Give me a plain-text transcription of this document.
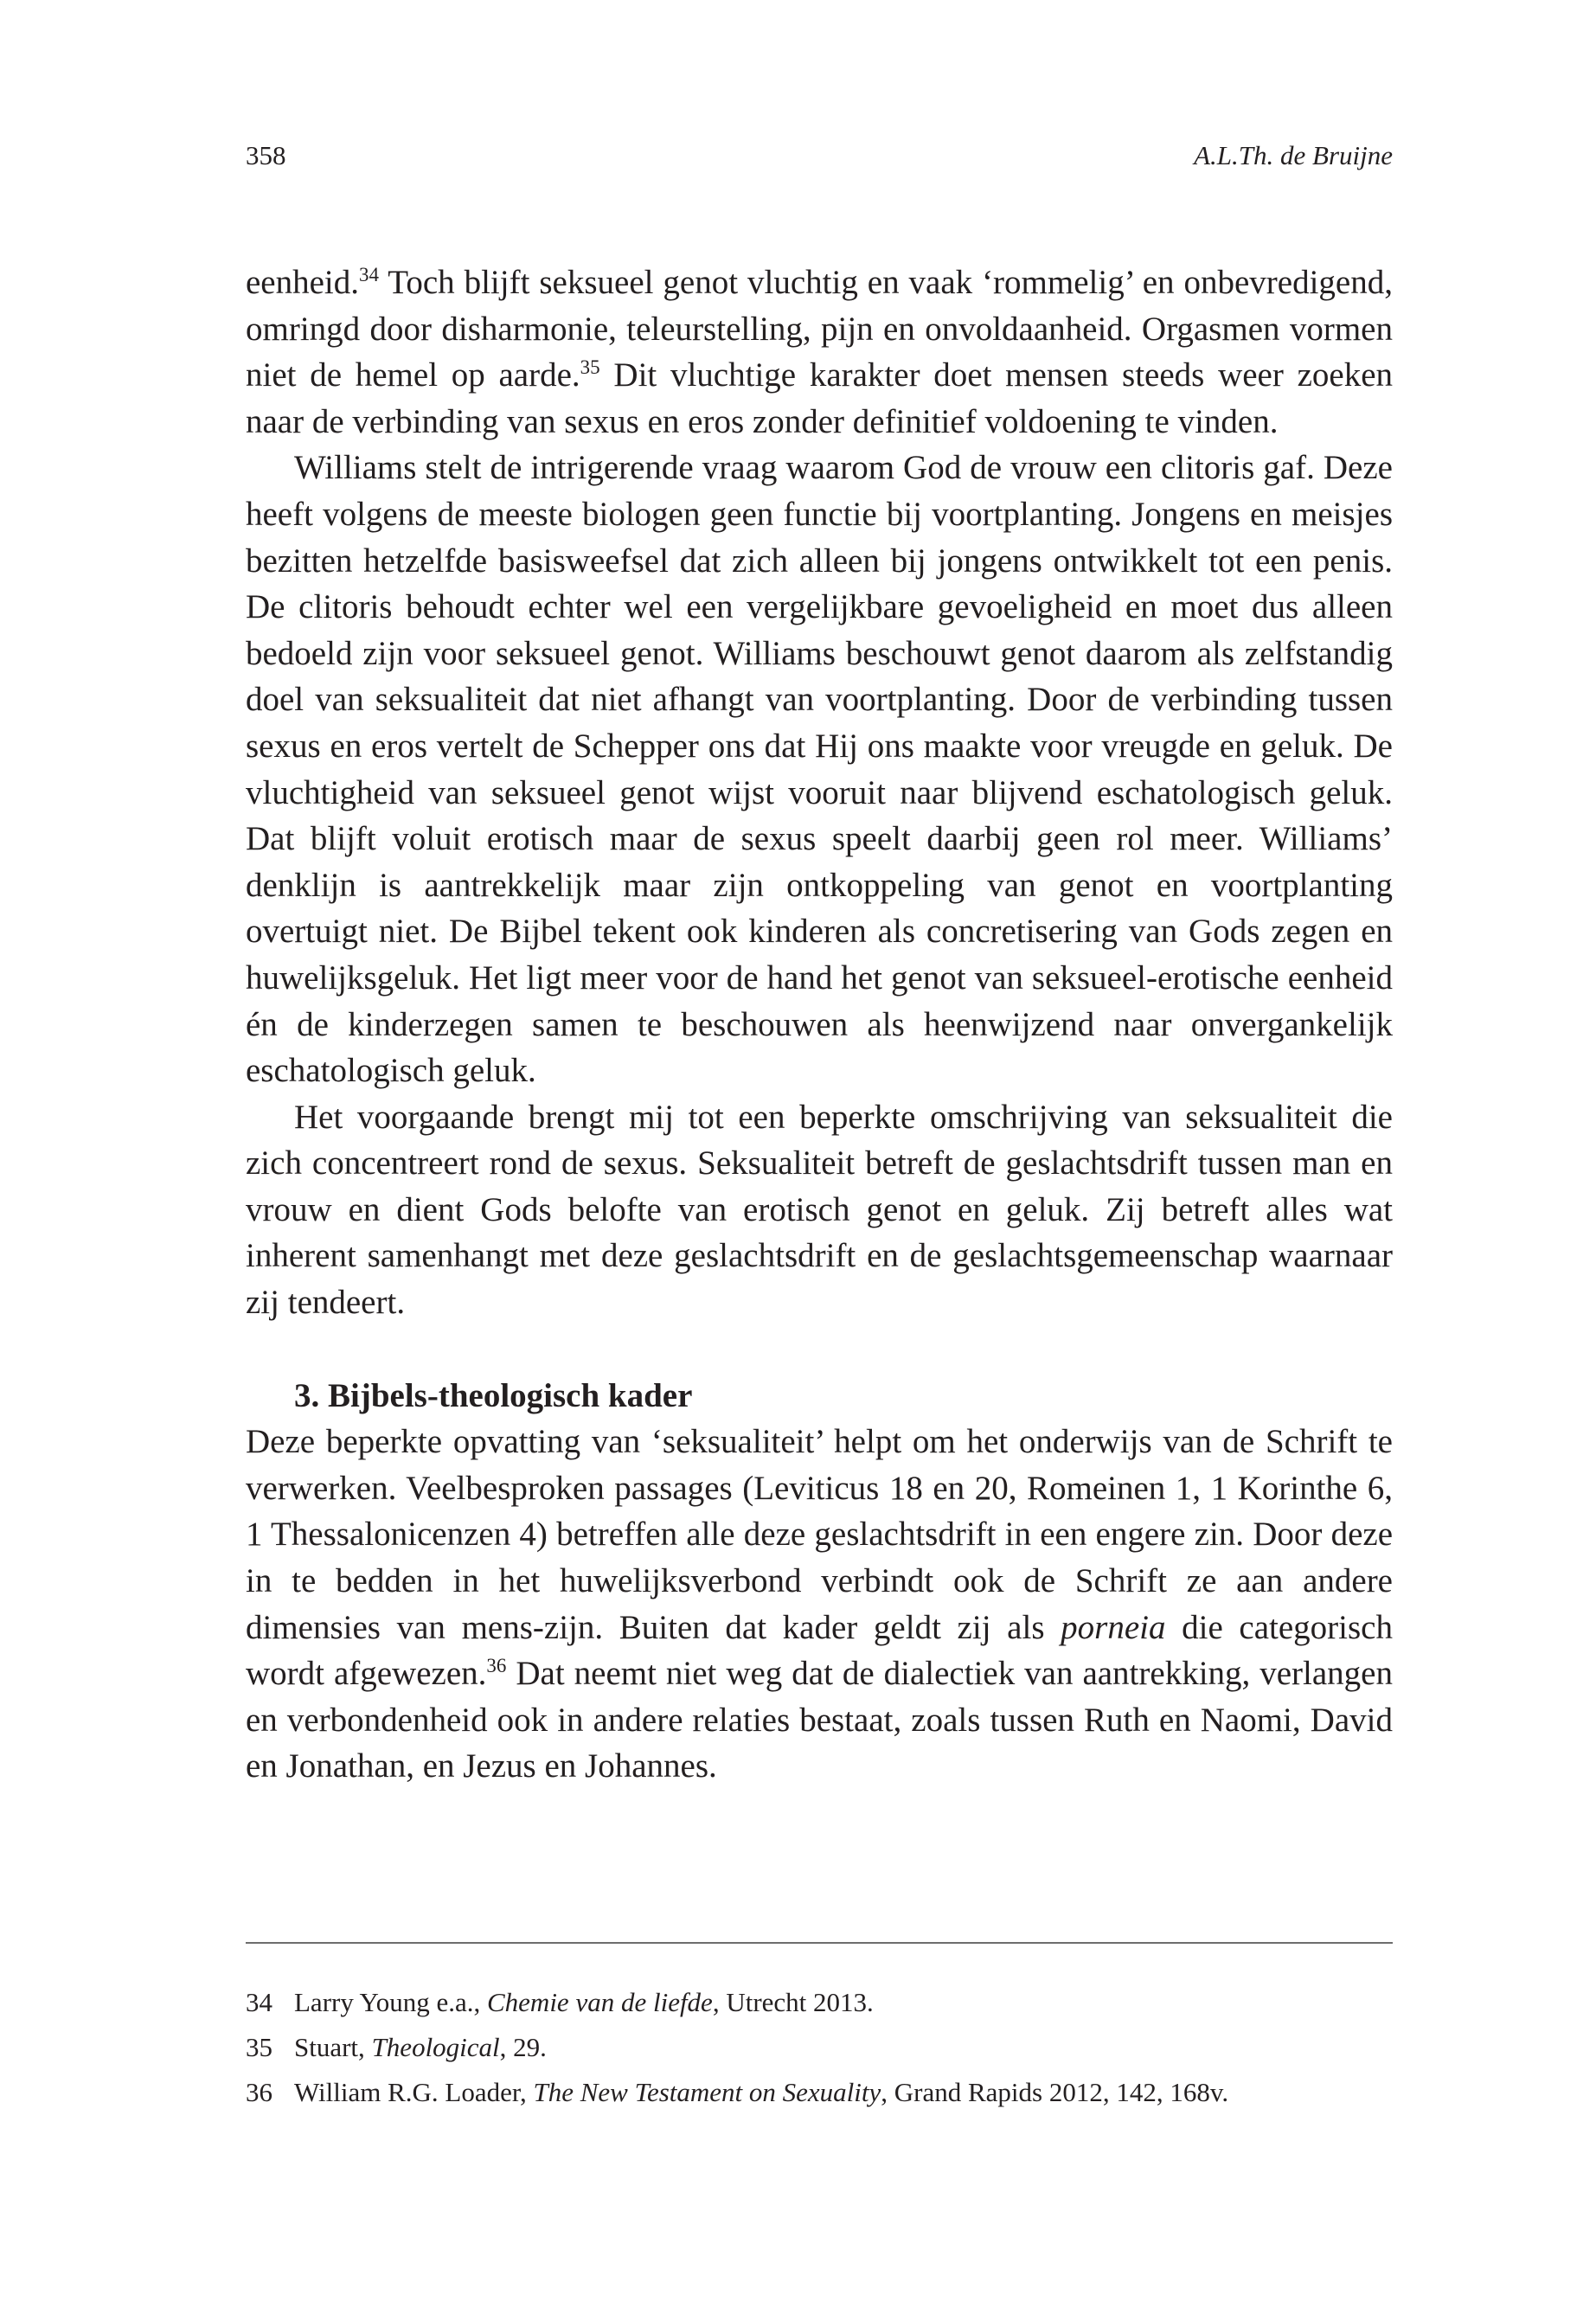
358	A.L.Th. de Bruijne

eenheid.$^{34}$ Toch blijft seksueel genot vluchtig en vaak ‘rommelig’ en onbevredigend, omringd door disharmonie, teleurstelling, pijn en onvoldaanheid. Orgasmen vormen niet de hemel op aarde.$^{35}$ Dit vluchtige karakter doet mensen steeds weer zoeken naar de verbinding van sexus en eros zonder definitief voldoening te vinden.

Williams stelt de intrigerende vraag waarom God de vrouw een clitoris gaf. Deze heeft volgens de meeste biologen geen functie bij voortplanting. Jongens en meisjes bezitten hetzelfde basisweefsel dat zich alleen bij jongens ontwikkelt tot een penis. De clitoris behoudt echter wel een vergelijkbare gevoeligheid en moet dus alleen bedoeld zijn voor seksueel genot. Williams beschouwt genot daarom als zelfstandig doel van seksualiteit dat niet afhangt van voortplanting. Door de verbinding tussen sexus en eros vertelt de Schepper ons dat Hij ons maakte voor vreugde en geluk. De vluchtigheid van seksueel genot wijst vooruit naar blijvend eschatologisch geluk. Dat blijft voluit erotisch maar de sexus speelt daarbij geen rol meer. Williams’ denklijn is aantrekkelijk maar zijn ontkoppeling van genot en voortplanting overtuigt niet. De Bijbel tekent ook kinderen als concretisering van Gods zegen en huwelijksgeluk. Het ligt meer voor de hand het genot van seksueel-erotische eenheid én de kinderzegen samen te beschouwen als heenwijzend naar onvergankelijk eschatologisch geluk.

Het voorgaande brengt mij tot een beperkte omschrijving van seksualiteit die zich concentreert rond de sexus. Seksualiteit betreft de geslachtsdrift tussen man en vrouw en dient Gods belofte van erotisch genot en geluk. Zij betreft alles wat inherent samenhangt met deze geslachtsdrift en de geslachtsgemeenschap waarnaar zij tendeert.

3. Bijbels-theologisch kader

Deze beperkte opvatting van ‘seksualiteit’ helpt om het onderwijs van de Schrift te verwerken. Veelbesproken passages (Leviticus 18 en 20, Romeinen 1, 1 Korinthe 6, 1 Thessalonicenzen 4) betreffen alle deze geslachtsdrift in een engere zin. Door deze in te bedden in het huwelijksverbond verbindt ook de Schrift ze aan andere dimensies van mens-zijn. Buiten dat kader geldt zij als porneia die categorisch wordt afgewezen.$^{36}$ Dat neemt niet weg dat de dialectiek van aantrekking, verlangen en verbondenheid ook in andere relaties bestaat, zoals tussen Ruth en Naomi, David en Jonathan, en Jezus en Johannes.

34 Larry Young e.a., Chemie van de liefde, Utrecht 2013.
35 Stuart, Theological, 29.
36 William R.G. Loader, The New Testament on Sexuality, Grand Rapids 2012, 142, 168v.
